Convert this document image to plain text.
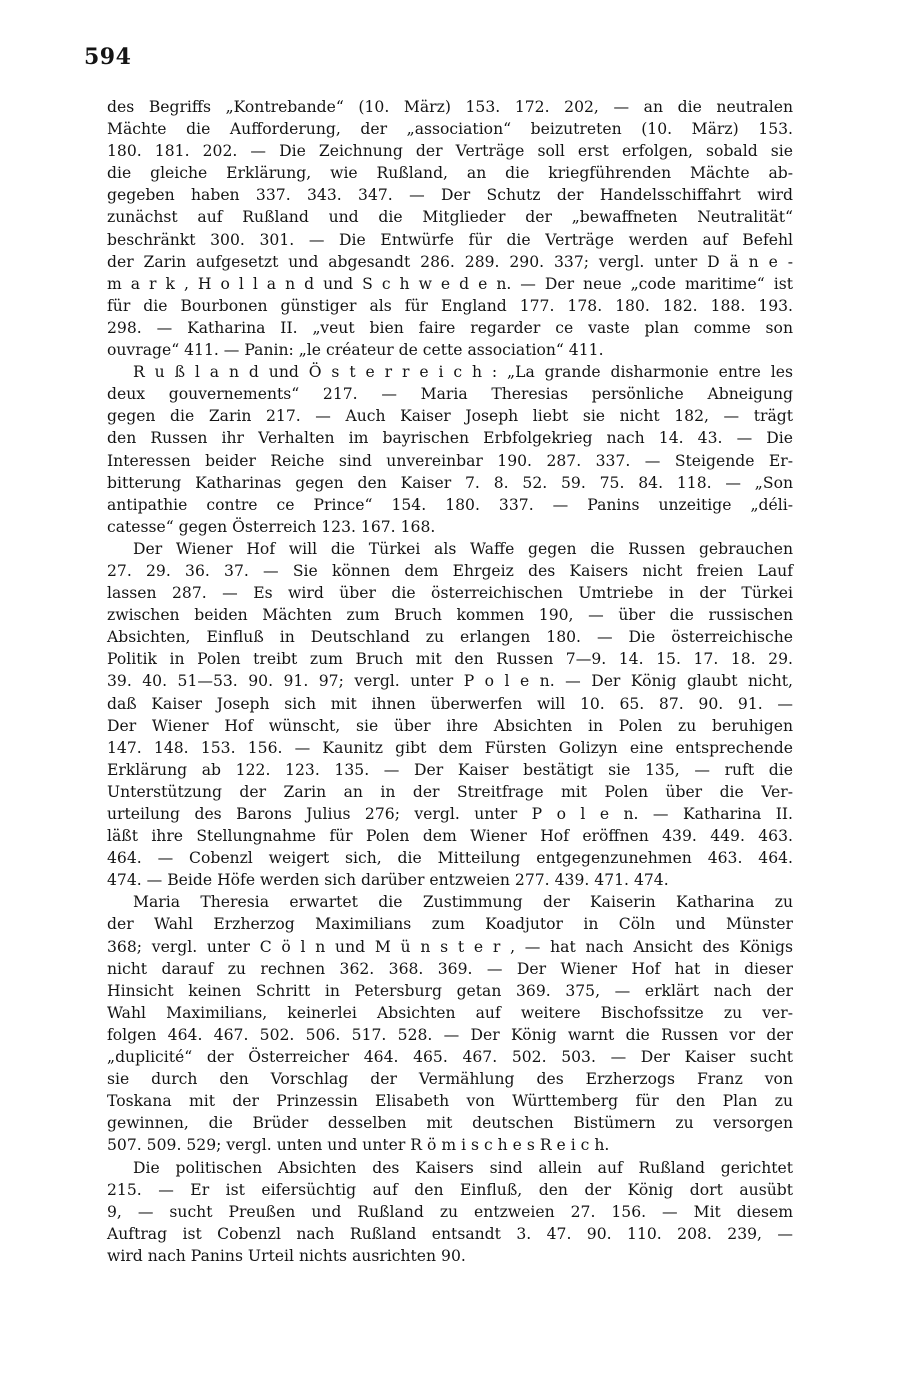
594
des Begriffs „Kontrebande“ (10. März) 153. 172. 202, — an die neutralen
Mächte die Aufforderung, der „association“ beizutreten (10. März) 153.
180. 181. 202. — Die Zeichnung der Verträge soll erst erfolgen, sobald sie
die gleiche Erklärung, wie Rußland, an die kriegführenden Mächte ab-
gegeben haben 337. 343. 347. — Der Schutz der Handelsschiffahrt wird
zunächst auf Rußland und die Mitglieder der „bewaffneten Neutralität“
beschränkt 300. 301. — Die Entwürfe für die Verträge werden auf Befehl
der Zarin aufgesetzt und abgesandt 286. 289. 290. 337; vergl. unter D ä n e -
m a r k , H o l l a n d und S c h w e d e n. — Der neue „code maritime“ ist
für die Bourbonen günstiger als für England 177. 178. 180. 182. 188. 193.
298. — Katharina II. „veut bien faire regarder ce vaste plan comme son
ouvrage“ 411. — Panin: „le créateur de cette association“ 411.
R u ß l a n d und Ö s t e r r e i c h : „La grande disharmonie entre les
deux gouvernements“ 217. — Maria Theresias persönliche Abneigung
gegen die Zarin 217. — Auch Kaiser Joseph liebt sie nicht 182, — trägt
den Russen ihr Verhalten im bayrischen Erbfolgekrieg nach 14. 43. — Die
Interessen beider Reiche sind unvereinbar 190. 287. 337. — Steigende Er-
bitterung Katharinas gegen den Kaiser 7. 8. 52. 59. 75. 84. 118. — „Son
antipathie contre ce Prince“ 154. 180. 337. — Panins unzeitige „déli-
catesse“ gegen Österreich 123. 167. 168.
Der Wiener Hof will die Türkei als Waffe gegen die Russen gebrauchen
27. 29. 36. 37. — Sie können dem Ehrgeiz des Kaisers nicht freien Lauf
lassen 287. — Es wird über die österreichischen Umtriebe in der Türkei
zwischen beiden Mächten zum Bruch kommen 190, — über die russischen
Absichten, Einfluß in Deutschland zu erlangen 180. — Die österreichische
Politik in Polen treibt zum Bruch mit den Russen 7—9. 14. 15. 17. 18. 29.
39. 40. 51—53. 90. 91. 97; vergl. unter P o l e n. — Der König glaubt nicht,
daß Kaiser Joseph sich mit ihnen überwerfen will 10. 65. 87. 90. 91. —
Der Wiener Hof wünscht, sie über ihre Absichten in Polen zu beruhigen
147. 148. 153. 156. — Kaunitz gibt dem Fürsten Golizyn eine entsprechende
Erklärung ab 122. 123. 135. — Der Kaiser bestätigt sie 135, — ruft die
Unterstützung der Zarin an in der Streitfrage mit Polen über die Ver-
urteilung des Barons Julius 276; vergl. unter P o l e n. — Katharina II.
läßt ihre Stellungnahme für Polen dem Wiener Hof eröffnen 439. 449. 463.
464. — Cobenzl weigert sich, die Mitteilung entgegenzunehmen 463. 464.
474. — Beide Höfe werden sich darüber entzweien 277. 439. 471. 474.
Maria Theresia erwartet die Zustimmung der Kaiserin Katharina zu
der Wahl Erzherzog Maximilians zum Koadjutor in Cöln und Münster
368; vergl. unter C ö l n und M ü n s t e r , — hat nach Ansicht des Königs
nicht darauf zu rechnen 362. 368. 369. — Der Wiener Hof hat in dieser
Hinsicht keinen Schritt in Petersburg getan 369. 375, — erklärt nach der
Wahl Maximilians, keinerlei Absichten auf weitere Bischofssitze zu ver-
folgen 464. 467. 502. 506. 517. 528. — Der König warnt die Russen vor der
„duplicité“ der Österreicher 464. 465. 467. 502. 503. — Der Kaiser sucht
sie durch den Vorschlag der Vermählung des Erzherzogs Franz von
Toskana mit der Prinzessin Elisabeth von Württemberg für den Plan zu
gewinnen, die Brüder desselben mit deutschen Bistümern zu versorgen
507. 509. 529; vergl. unten und unter R ö m i s c h e s R e i c h.
Die politischen Absichten des Kaisers sind allein auf Rußland gerichtet
215. — Er ist eifersüchtig auf den Einfluß, den der König dort ausübt
9, — sucht Preußen und Rußland zu entzweien 27. 156. — Mit diesem
Auftrag ist Cobenzl nach Rußland entsandt 3. 47. 90. 110. 208. 239, —
wird nach Panins Urteil nichts ausrichten 90.
